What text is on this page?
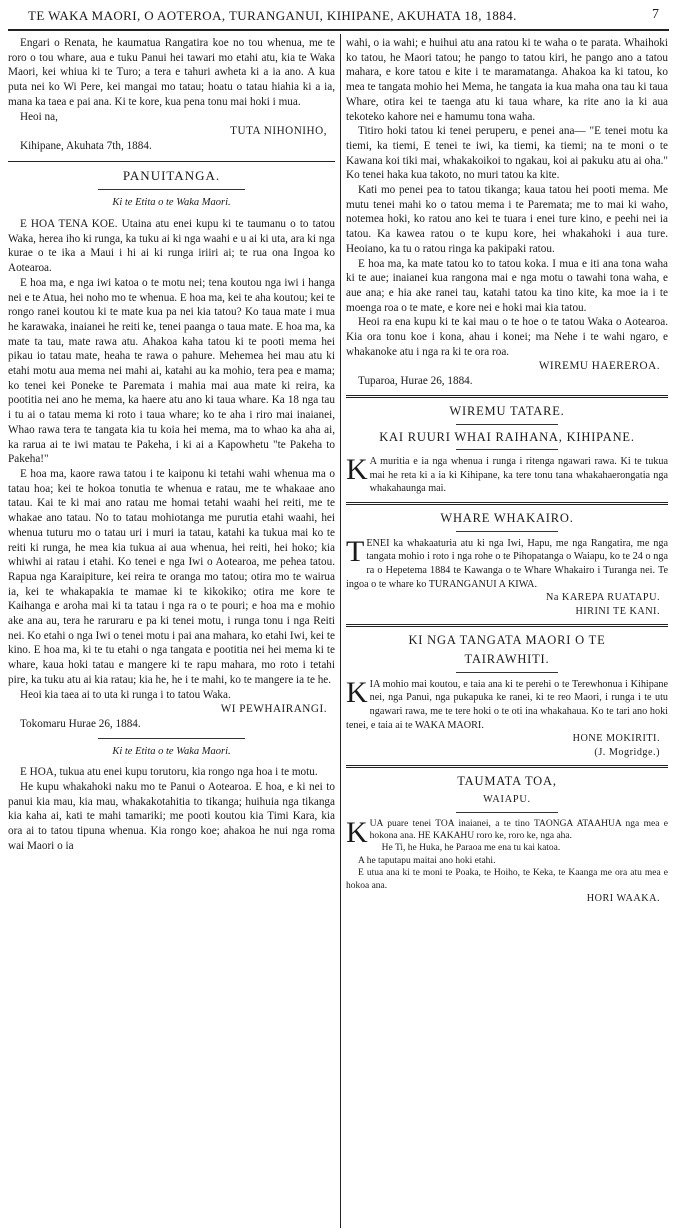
TE WAKA MAORI, O AOTEROA, TURANGANUI, KIHIPANE, AKUHATA 18, 1884.	7

Engari o Renata, he kaumatua Rangatira koe no tou whenua, me te roro o tou whare, aua e tuku Panui hei tawari mo etahi atu, kia te Waka Maori, kei whiua ki te Turo; a tera e tahuri awheta ki a ia ano. A kua puta nei ko Wi Pere, kei mangai mo tatau; hoatu o tatau hiahia ki a ia, mana ka taea e pai ana. Ki te kore, kua pena tonu mai hoki i mua.

Heoi na,

TUTA NIHONIHO,

Kihipane, Akuhata 7th, 1884.

PANUITANGA.

Ki te Etita o te Waka Maori.

E HOA TENA KOE. Utaina atu enei kupu ki te taumanu o to tatou Waka, herea iho ki runga, ka tuku ai ki nga waahi e u ai ki uta, ara ki nga kurae o te ika a Maui i hi ai ki runga iriiri ai; te rua ona Ingoa ko Aotearoa.

E hoa ma, e nga iwi katoa o te motu nei; tena koutou nga iwi i hanga nei e te Atua, hei noho mo te whenua. E hoa ma, kei te aha koutou; kei te rongo ranei koutou ki te mate kua pa nei kia tatou? Ko taua mate i mua he karawaka, inaianei he reiti ke, tenei paanga o taua mate. E hoa ma, ka mate ta tau, mate rawa atu. Ahakoa kaha tatou ki te pooti mema hei pikau io tatau mate, heaha te rawa o pahure. Mehemea hei mau atu ki etahi motu aua mema nei mahi ai, katahi au ka mohio, tera pea e mama; ko tenei kei Poneke te Paremata i mahia mai aua mate ki reira, ka pootitia nei ano he mema, ka haere atu ano ki taua whare. Ka 18 nga tau i tu ai o tatau mema ki roto i taua whare; ko te aha i riro mai inaianei, Whao rawa tera te tangata kia tu koia hei mema, ma to whao ka aha ai, ka rarua ai te iwi matau te Pakeha, i ki ai a Kapowhetu "te Pakeha to Pakeha!"

E hoa ma, kaore rawa tatou i te kaiponu ki tetahi wahi whenua ma o tatau hoa; kei te hokoa tonutia te whenua e ratau, me te whakaae ano tatau. Kai te ki mai ano ratau me homai tetahi waahi hei reiti, me te whakae ano tatau. No to tatau mohiotanga me purutia etahi waahi, hei whenua tuturu mo o tatau uri i muri ia tatau, katahi ka tukua mai ko te reiti ki runga, he mea kia tukua ai aua whenua, hei reiti, hei hoko; kia whiwhi ai ratau i etahi. Ko tenei e nga Iwi o Aotearoa, me pehea tatou. Rapua nga Karaipiture, kei reira te oranga mo tatou; otira mo te wairua ia, kei te whakapakia te mamae ki te kikokiko; otira me kore te Kaihanga e aroha mai ki ta tatau i nga ra o te pouri; e hoa ma e mohio ake ana au, tera he raruraru e pa ki tenei motu, i runga tonu i nga Reiti nei. Ko etahi o nga Iwi o tenei motu i pai ana mahara, ko etahi Iwi, kei te kino. E hoa ma, ki te tu etahi o nga tangata e pootitia nei hei mema ki te whare, kaua hoki tatau e mangere ki te rapu mahara, mo roto i tetahi pire, ka tuku atu ai kia ratau; kia he, he i te mahi, ko te mangere ia te he.

Heoi kia taea ai to uta ki runga i to tatou Waka.

WI PEWHAIRANGI.

Tokomaru Hurae 26, 1884.

Ki te Etita o te Waka Maori.

E HOA, tukua atu enei kupu torutoru, kia rongo nga hoa i te motu.

He kupu whakahoki naku mo te Panui o Aotearoa. E hoa, e ki nei to panui kia mau, kia mau, whakakotahitia to tikanga; huihuia nga tikanga kia kaha ai, kati te mahi tamariki; me pooti koutou kia Timi Kara, kia ora ai to tatou tipuna whenua. Kia rongo koe; ahakoa he nui nga roma wai Maori o ia

wahi, o ia wahi; e huihui atu ana ratou ki te waha o te parata. Whaihoki ko tatou, he Maori tatou; he pango to tatou kiri, he pango ano a tatou mahara, e kore tatou e kite i te maramatanga. Ahakoa ka ki tatou, ko mea te tangata mohio hei Mema, he tangata ia kua maha ona tau ki taua Whare, otira kei te taenga atu ki taua whare, ka rite ano ia ki aua tekoteko kahore nei e hamumu tona waha.

Titiro hoki tatou ki tenei peruperu, e penei ana— "E tenei motu ka tiemi, ka tiemi, E tenei te iwi, ka tiemi, ka tiemi; na te moni o te Kawana koi tiki mai, whakakoikoi to ngakau, koi ai pakuku atu ai oha." Ko tenei haka kua takoto, no muri tatou ka kite.

Kati mo penei pea to tatou tikanga; kaua tatou hei pooti mema. Me mutu tenei mahi ko o tatou mema i te Paremata; me to mai ki waho, notemea hoki, ko ratou ano kei te tuara i enei ture kino, e peehi nei ia tatou. Ka kawea ratou o te kupu kore, hei whakahoki i aua ture. Heoiano, ka tu o ratou ringa ka pakipaki ratou.

E hoa ma, ka mate tatou ko to tatou koka. I mua e iti ana tona waha ki te aue; inaianei kua rangona mai e nga motu o tawahi tona waha, e aue ana; e hia ake ranei tau, katahi tatou ka tino kite, ka moe ia i te moenga roa o te mate, e kore nei e hoki mai kia tatou.

Heoi ra ena kupu ki te kai mau o te hoe o te tatou Waka o Aotearoa. Kia ora tonu koe i kona, ahau i konei; ma Nehe i te wahi ngaro, e whakanoke atu i nga ra ki te ora roa.

WIREMU HAEREROA.

Tuparoa, Hurae 26, 1884.

WIREMU TATARE.

KAI RUURI WHAI RAIHANA, KIHIPANE.

K A muritia e ia nga whenua i runga i ritenga ngawari rawa. Ki te tukua mai he reta ki a ia ki Kihipane, ka tere tonu tana whakahaerongatia nga whakahaunga mai.

WHARE WHAKAIRO.

T ENEI ka whakaaturia atu ki nga Iwi, Hapu, me nga Rangatira, me nga tangata mohio i roto i nga rohe o te Pihopatanga o Waiapu, ko te 24 o nga ra o Hepetema 1884 te Kawanga o te Whare Whakairo i Turanga nei. Te ingoa o te whare ko TURANGANUI A KIWA.

Na KAREPA RUATAPU.

HIRINI TE KANI.

KI NGA TANGATA MAORI O TE

TAIRAWHITI.

K IA mohio mai koutou, e taia ana ki te perehi o te Terewhonua i Kihipane nei, nga Panui, nga pukapuka ke ranei, ki te reo Maori, i runga i te utu ngawari rawa, me te tere hoki o te oti ina whakahaua. Ko te tari ano hoki tenei, e taia ai te WAKA MAORI.

HONE MOKIRITI.

(J. Mogridge.)

TAUMATA TOA,

WAIAPU.

K UA puare tenei TOA inaianei, a te tino TAONGA ATAAHUA nga mea e hokona ana. HE KAKAHU roro ke, roro ke, nga aha.

He Ti, he Huka, he Paraoa me ena tu kai katoa.

A he taputapu maitai ano hoki etahi.

E utua ana ki te moni te Poaka, te Hoiho, te Keka, te Kaanga me ora atu mea e hokoa ana.

HORI WAAKA.
